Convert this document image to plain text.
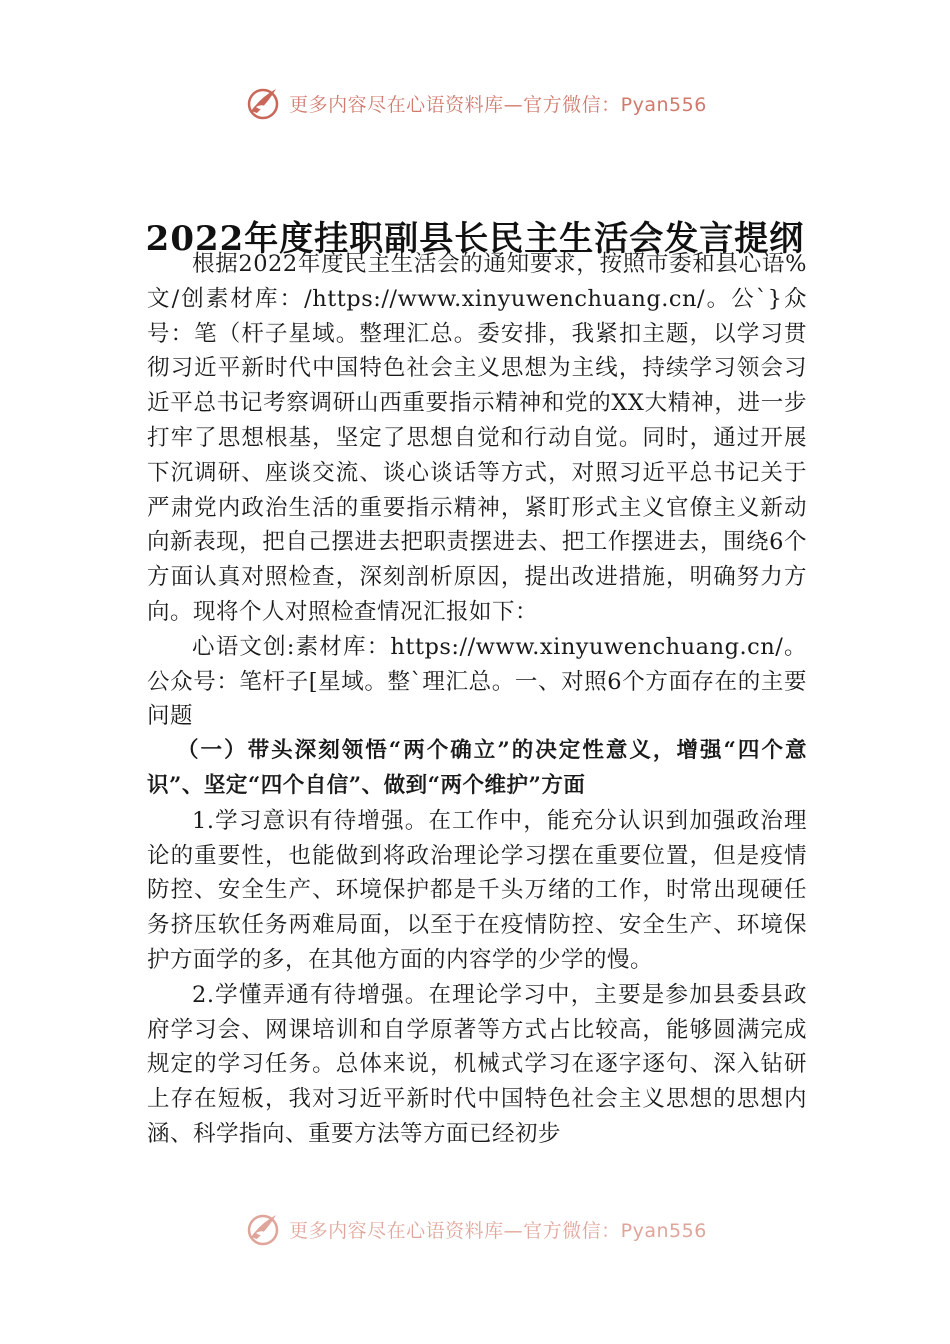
更多内容尽在心语资料库—官方微信：Pyan556
2022年度挂职副县长民主生活会发言提纲

根据2022年度民主生活会的通知要求，按照市委和县心语%文/创素材库：/https://www.xinyuwenchuang.cn/。公`}众号：笔（杆子星域。整理汇总。委安排，我紧扣主题，以学习贯彻习近平新时代中国特色社会主义思想为主线，持续学习领会习近平总书记考察调研山西重要指示精神和党的XX大精神，进一步打牢了思想根基，坚定了思想自觉和行动自觉。同时，通过开展下沉调研、座谈交流、谈心谈话等方式，对照习近平总书记关于严肃党内政治生活的重要指示精神，紧盯形式主义官僚主义新动向新表现，把自己摆进去把职责摆进去、把工作摆进去，围绕6个方面认真对照检查，深刻剖析原因，提出改进措施，明确努力方向。现将个人对照检查情况汇报如下：

心语文创:素材库：https://www.xinyuwenchuang.cn/。公众号：笔杆子[星域。整`理汇总。一、对照6个方面存在的主要问题

（一）带头深刻领悟“两个确立”的决定性意义，增强“四个意识”、坚定“四个自信”、做到“两个维护”方面

1.学习意识有待增强。在工作中，能充分认识到加强政治理论的重要性，也能做到将政治理论学习摆在重要位置，但是疫情防控、安全生产、环境保护都是千头万绪的工作，时常出现硬任务挤压软任务两难局面，以至于在疫情防控、安全生产、环境保护方面学的多，在其他方面的内容学的少学的慢。

2.学懂弄通有待增强。在理论学习中，主要是参加县委县政府学习会、网课培训和自学原著等方式占比较高，能够圆满完成规定的学习任务。总体来说，机械式学习在逐字逐句、深入钻研上存在短板，我对习近平新时代中国特色社会主义思想的思想内涵、科学指向、重要方法等方面已经初步

更多内容尽在心语资料库—官方微信：Pyan556
